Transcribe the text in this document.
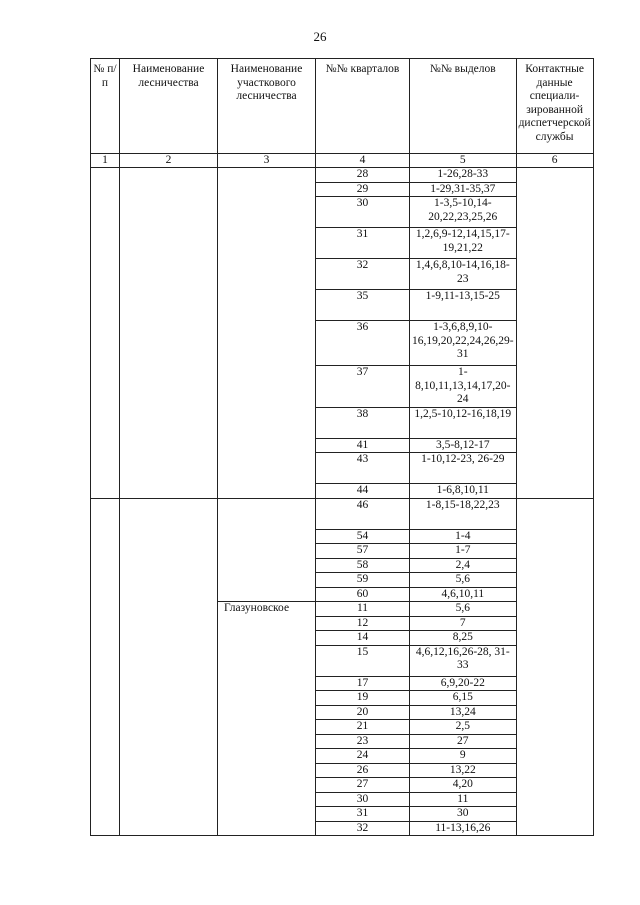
26
№ п/п	Наименование лесничества	Наименование участкового лесничества	№№ кварталов	№№ выделов	Контактные данные специали-зированной диспетчерской службы
1	2	3	4	5	6
			28	1-26,28-33	
			29	1-29,31-35,37	
			30	1-3,5-10,14-20,22,23,25,26	
			31	1,2,6,9-12,14,15,17-19,21,22	
			32	1,4,6,8,10-14,16,18-23	
			35	1-9,11-13,15-25	
			36	1-3,6,8,9,10-16,19,20,22,24,26,29-31	
			37	1-8,10,11,13,14,17,20-24	
			38	1,2,5-10,12-16,18,19	
			41	3,5-8,12-17	
			43	1-10,12-23, 26-29	
			44	1-6,8,10,11	
			46	1-8,15-18,22,23	
			54	1-4	
			57	1-7	
			58	2,4	
			59	5,6	
			60	4,6,10,11	
		Глазуновское	11	5,6	
			12	7	
			14	8,25	
			15	4,6,12,16,26-28, 31-33	
			17	6,9,20-22	
			19	6,15	
			20	13,24	
			21	2,5	
			23	27	
			24	9	
			26	13,22	
			27	4,20	
			30	11	
			31	30	
			32	11-13,16,26	
